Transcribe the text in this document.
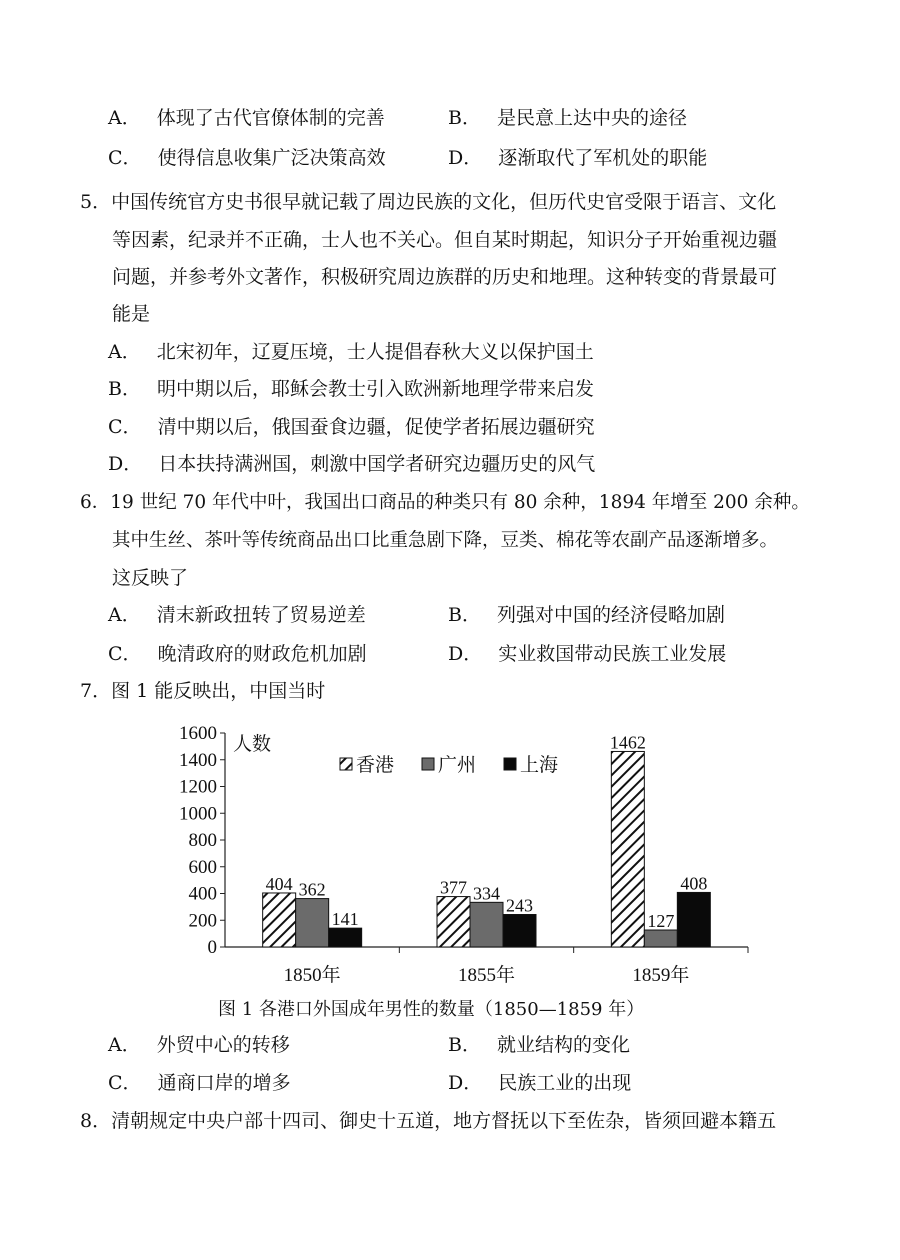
A． 体现了古代官僚体制的完善	B． 是民意上达中央的途径
C． 使得信息收集广泛决策高效	D． 逐渐取代了军机处的职能
5．中国传统官方史书很早就记载了周边民族的文化，但历代史官受限于语言、文化
等因素，纪录并不正确，士人也不关心。但自某时期起，知识分子开始重视边疆
问题，并参考外文著作，积极研究周边族群的历史和地理。这种转变的背景最可
能是
A． 北宋初年，辽夏压境，士人提倡春秋大义以保护国土
B． 明中期以后，耶稣会教士引入欧洲新地理学带来启发
C． 清中期以后，俄国蚕食边疆，促使学者拓展边疆研究
D． 日本扶持满洲国，刺激中国学者研究边疆历史的风气
6．19 世纪 70 年代中叶，我国出口商品的种类只有 80 余种，1894 年增至 200 余种。
其中生丝、茶叶等传统商品出口比重急剧下降，豆类、棉花等农副产品逐渐增多。
这反映了
A． 清末新政扭转了贸易逆差	B． 列强对中国的经济侵略加剧
C． 晚清政府的财政危机加剧	D． 实业救国带动民族工业发展
7．图 1 能反映出，中国当时
0
200
400
600
800
1000
1200
1400
1600
人数
1850年
404 362
141
1855年
377 334
243
1859年
1462
127
408
香港 广州 上海
图 1 各港口外国成年男性的数量（1850—1859 年）
A． 外贸中心的转移	B． 就业结构的变化
C． 通商口岸的增多	D． 民族工业的出现
8．清朝规定中央户部十四司、御史十五道，地方督抚以下至佐杂，皆须回避本籍五
